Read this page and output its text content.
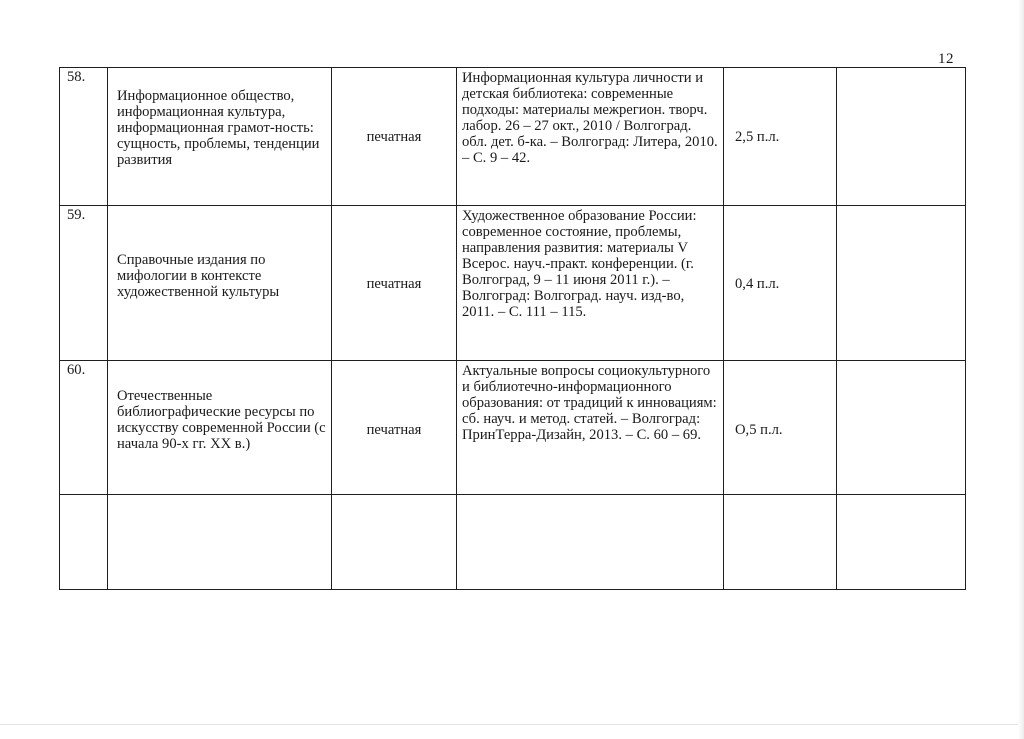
12
58.	Информационное общество, информационная культура, информационная грамот-ность: сущность, проблемы, тенденции развития	печатная	Информационная культура личности и детская библиотека: современные подходы: материалы межрегион. творч. лабор. 26 – 27 окт., 2010 / Волгоград. обл. дет. б-ка. – Волгоград: Литера, 2010. – С. 9 – 42.	2,5 п.л.	

59.	Справочные издания по мифологии в контексте художественной культуры	печатная	Художественное образование России: современное состояние, проблемы, направления развития: материалы V Всерос. науч.-практ. конференции. (г. Волгоград, 9 – 11 июня 2011 г.). – Волгоград: Волгоград. науч. изд-во, 2011. – С. 111 – 115.	0,4 п.л.	

60.	Отечественные библиографические ресурсы по искусству современной России (с начала 90-х гг. XX в.)	печатная	Актуальные вопросы социокультурного и библиотечно-информационного образования: от традиций к инновациям: сб. науч. и метод. статей. – Волгоград: ПринТерра-Дизайн, 2013. – С. 60 – 69.	О,5 п.л.	
